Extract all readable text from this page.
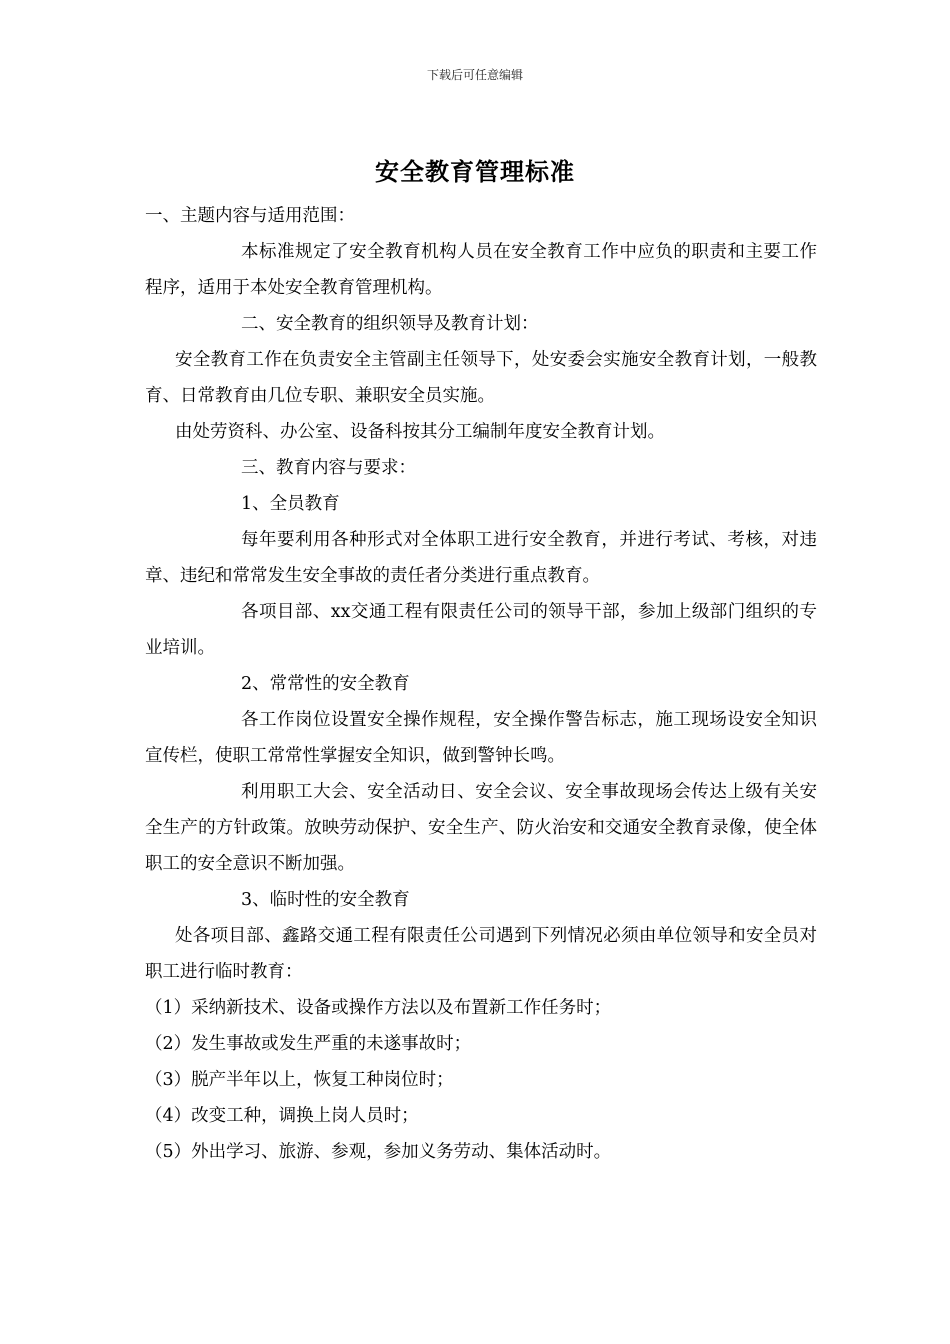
下载后可任意编辑
安全教育管理标准

一、主题内容与适用范围：

本标准规定了安全教育机构人员在安全教育工作中应负的职责和主要工作程序，适用于本处安全教育管理机构。

二、安全教育的组织领导及教育计划：

安全教育工作在负责安全主管副主任领导下，处安委会实施安全教育计划，一般教育、日常教育由几位专职、兼职安全员实施。

由处劳资科、办公室、设备科按其分工编制年度安全教育计划。

三、教育内容与要求：

1、全员教育

每年要利用各种形式对全体职工进行安全教育，并进行考试、考核，对违章、违纪和常常发生安全事故的责任者分类进行重点教育。

各项目部、xx交通工程有限责任公司的领导干部，参加上级部门组织的专业培训。

2、常常性的安全教育

各工作岗位设置安全操作规程，安全操作警告标志，施工现场设安全知识宣传栏，使职工常常性掌握安全知识，做到警钟长鸣。

利用职工大会、安全活动日、安全会议、安全事故现场会传达上级有关安全生产的方针政策。放映劳动保护、安全生产、防火治安和交通安全教育录像，使全体职工的安全意识不断加强。

3、临时性的安全教育

处各项目部、鑫路交通工程有限责任公司遇到下列情况必须由单位领导和安全员对职工进行临时教育：

（1）采纳新技术、设备或操作方法以及布置新工作任务时；

（2）发生事故或发生严重的未遂事故时；

（3）脱产半年以上，恢复工种岗位时；

（4）改变工种，调换上岗人员时；

（5）外出学习、旅游、参观，参加义务劳动、集体活动时。
